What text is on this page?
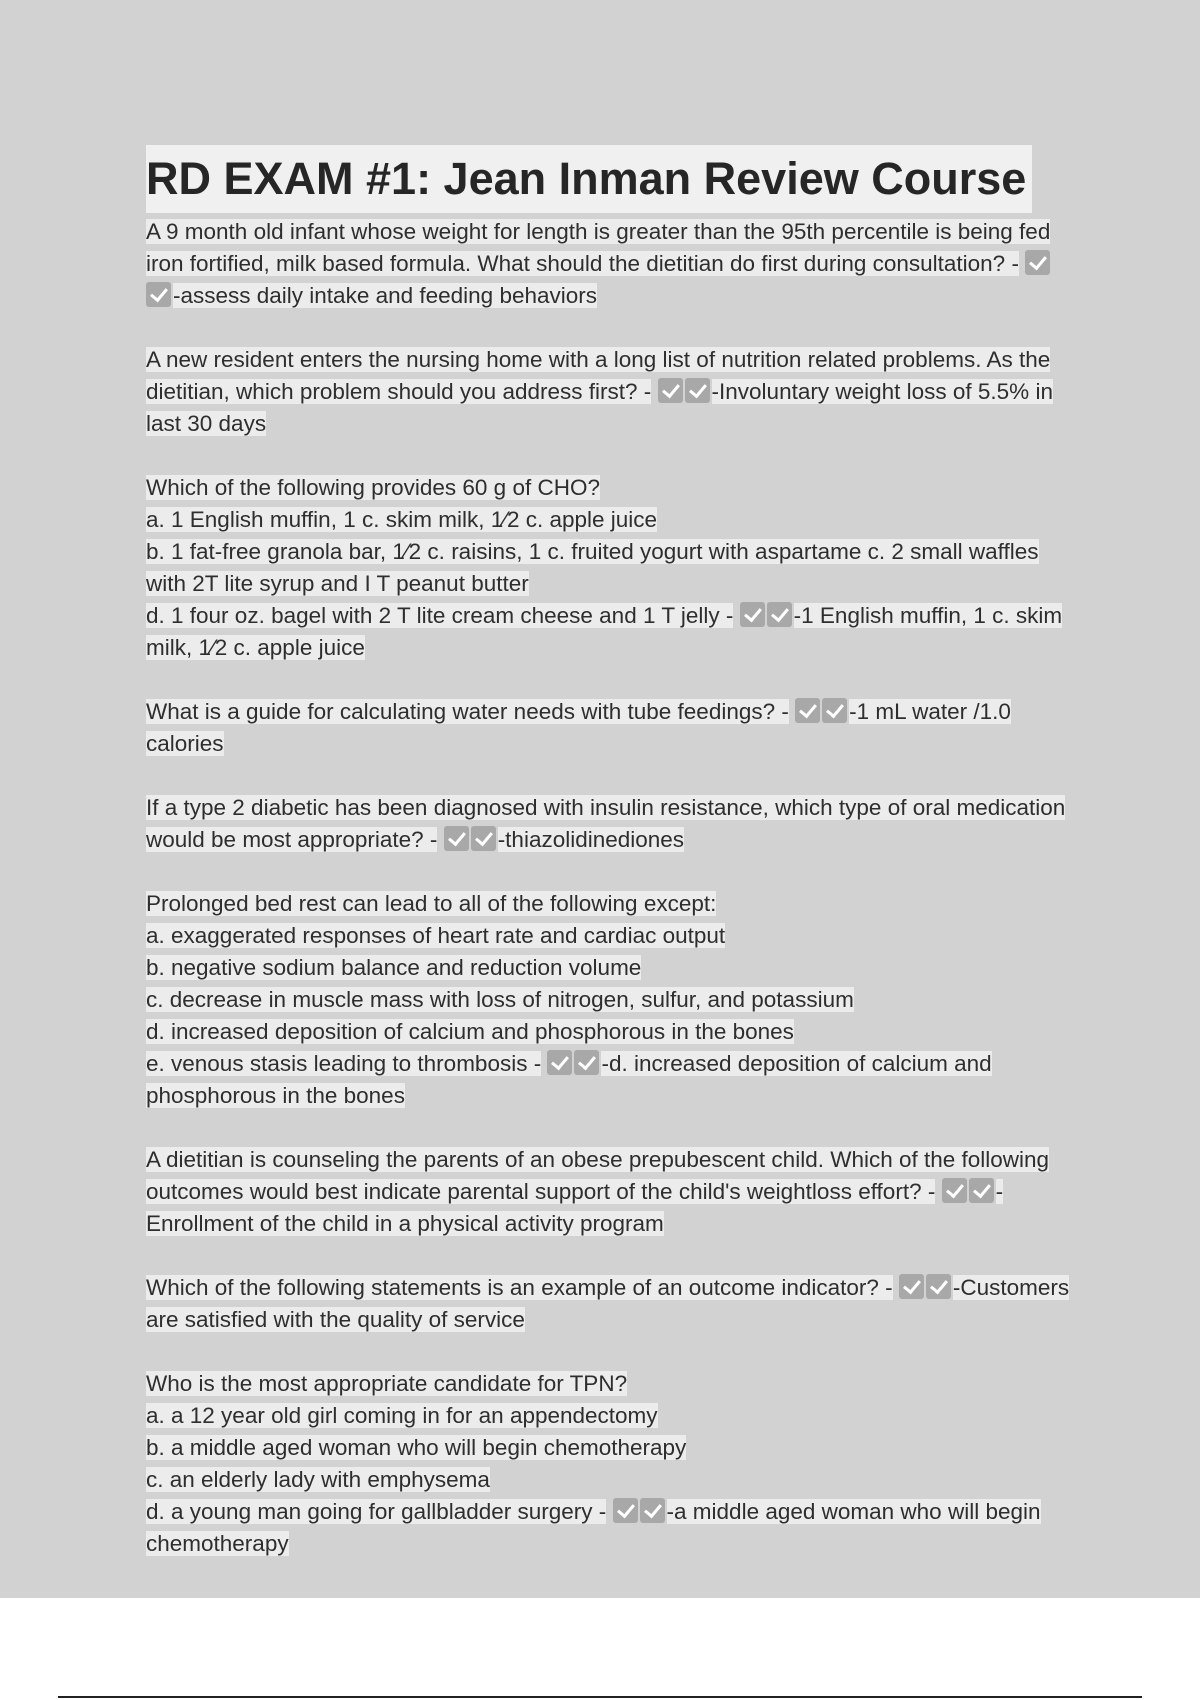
RD EXAM #1: Jean Inman Review Course

A 9 month old infant whose weight for length is greater than the 95th percentile is being fed iron fortified, milk based formula. What should the dietitian do first during consultation? - -assess daily intake and feeding behaviors

A new resident enters the nursing home with a long list of nutrition related problems. As the dietitian, which problem should you address first? -	-Involuntary weight loss of 5.5% in last 30 days

Which of the following provides 60 g of CHO?

a. 1 English muffin, 1 c. skim milk, 1⁄2 c. apple juice

b. 1 fat-free granola bar, 1⁄2 c. raisins, 1 c. fruited yogurt with aspartame c. 2 small waffles with 2T lite syrup and I T peanut butter

d. 1 four oz. bagel with 2 T lite cream cheese and 1 T jelly -	-1 English muffin, 1 c. skim milk, 1⁄2 c. apple juice

What is a guide for calculating water needs with tube feedings? -	-1 mL water /1.0 calories

If a type 2 diabetic has been diagnosed with insulin resistance, which type of oral medication would be most appropriate? -	-thiazolidinediones

Prolonged bed rest can lead to all of the following except:

a. exaggerated responses of heart rate and cardiac output

b. negative sodium balance and reduction volume

c. decrease in muscle mass with loss of nitrogen, sulfur, and potassium

d. increased deposition of calcium and phosphorous in the bones

e. venous stasis leading to thrombosis -	-d. increased deposition of calcium and phosphorous in the bones

A dietitian is counseling the parents of an obese prepubescent child. Which of the following outcomes would best indicate parental support of the child's weightloss effort? -	-Enrollment of the child in a physical activity program

Which of the following statements is an example of an outcome indicator? -	-Customers are satisfied with the quality of service

Who is the most appropriate candidate for TPN?

a. a 12 year old girl coming in for an appendectomy

b. a middle aged woman who will begin chemotherapy

c. an elderly lady with emphysema

d. a young man going for gallbladder surgery -	-a middle aged woman who will begin chemotherapy
